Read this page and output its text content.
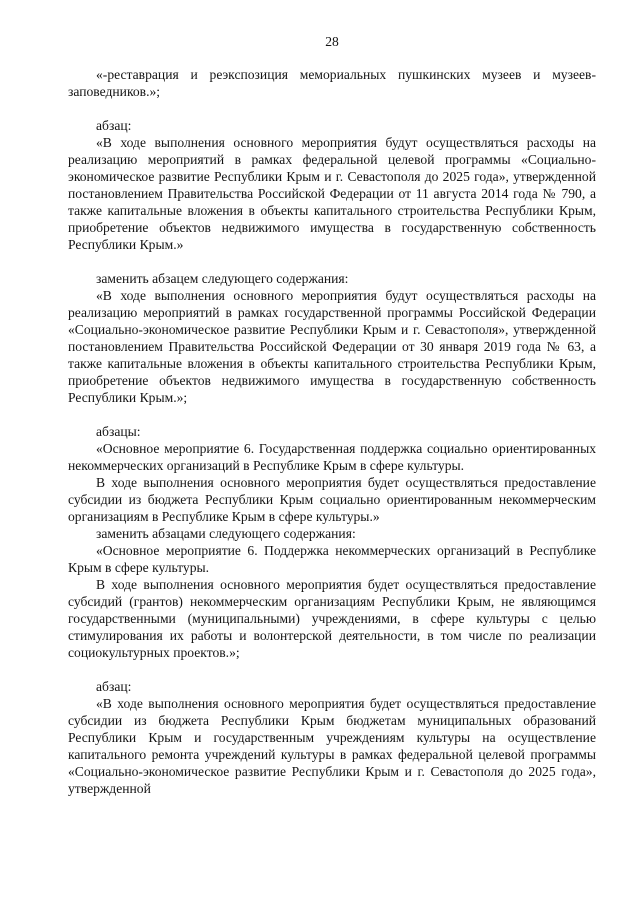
28

«-реставрация и реэкспозиция мемориальных пушкинских музеев и музеев-заповедников.»;

абзац:

«В ходе выполнения основного мероприятия будут осуществляться расходы на реализацию мероприятий в рамках федеральной целевой программы «Социально-экономическое развитие Республики Крым и г. Севастополя до 2025 года», утвержденной постановлением Правительства Российской Федерации от 11 августа 2014 года № 790, а также капитальные вложения в объекты капитального строительства Республики Крым, приобретение объектов недвижимого имущества в государственную собственность Республики Крым.»

заменить абзацем следующего содержания:

«В ходе выполнения основного мероприятия будут осуществляться расходы на реализацию мероприятий в рамках государственной программы Российской Федерации «Социально-экономическое развитие Республики Крым и г. Севастополя», утвержденной постановлением Правительства Российской Федерации от 30 января 2019 года № 63, а также капитальные вложения в объекты капитального строительства Республики Крым, приобретение объектов недвижимого имущества в государственную собственность Республики Крым.»;

абзацы:

«Основное мероприятие 6. Государственная поддержка социально ориентированных некоммерческих организаций в Республике Крым в сфере культуры.

В ходе выполнения основного мероприятия будет осуществляться предоставление субсидии из бюджета Республики Крым социально ориентированным некоммерческим организациям в Республике Крым в сфере культуры.»

заменить абзацами следующего содержания:

«Основное мероприятие 6. Поддержка некоммерческих организаций в Республике Крым в сфере культуры.

В ходе выполнения основного мероприятия будет осуществляться предоставление субсидий (грантов) некоммерческим организациям Республики Крым, не являющимся государственными (муниципальными) учреждениями, в сфере культуры с целью стимулирования их работы и волонтерской деятельности, в том числе по реализации социокультурных проектов.»;

абзац:

«В ходе выполнения основного мероприятия будет осуществляться предоставление субсидии из бюджета Республики Крым бюджетам муниципальных образований Республики Крым и государственным учреждениям культуры на осуществление капитального ремонта учреждений культуры в рамках федеральной целевой программы «Социально-экономическое развитие Республики Крым и г. Севастополя до 2025 года», утвержденной
